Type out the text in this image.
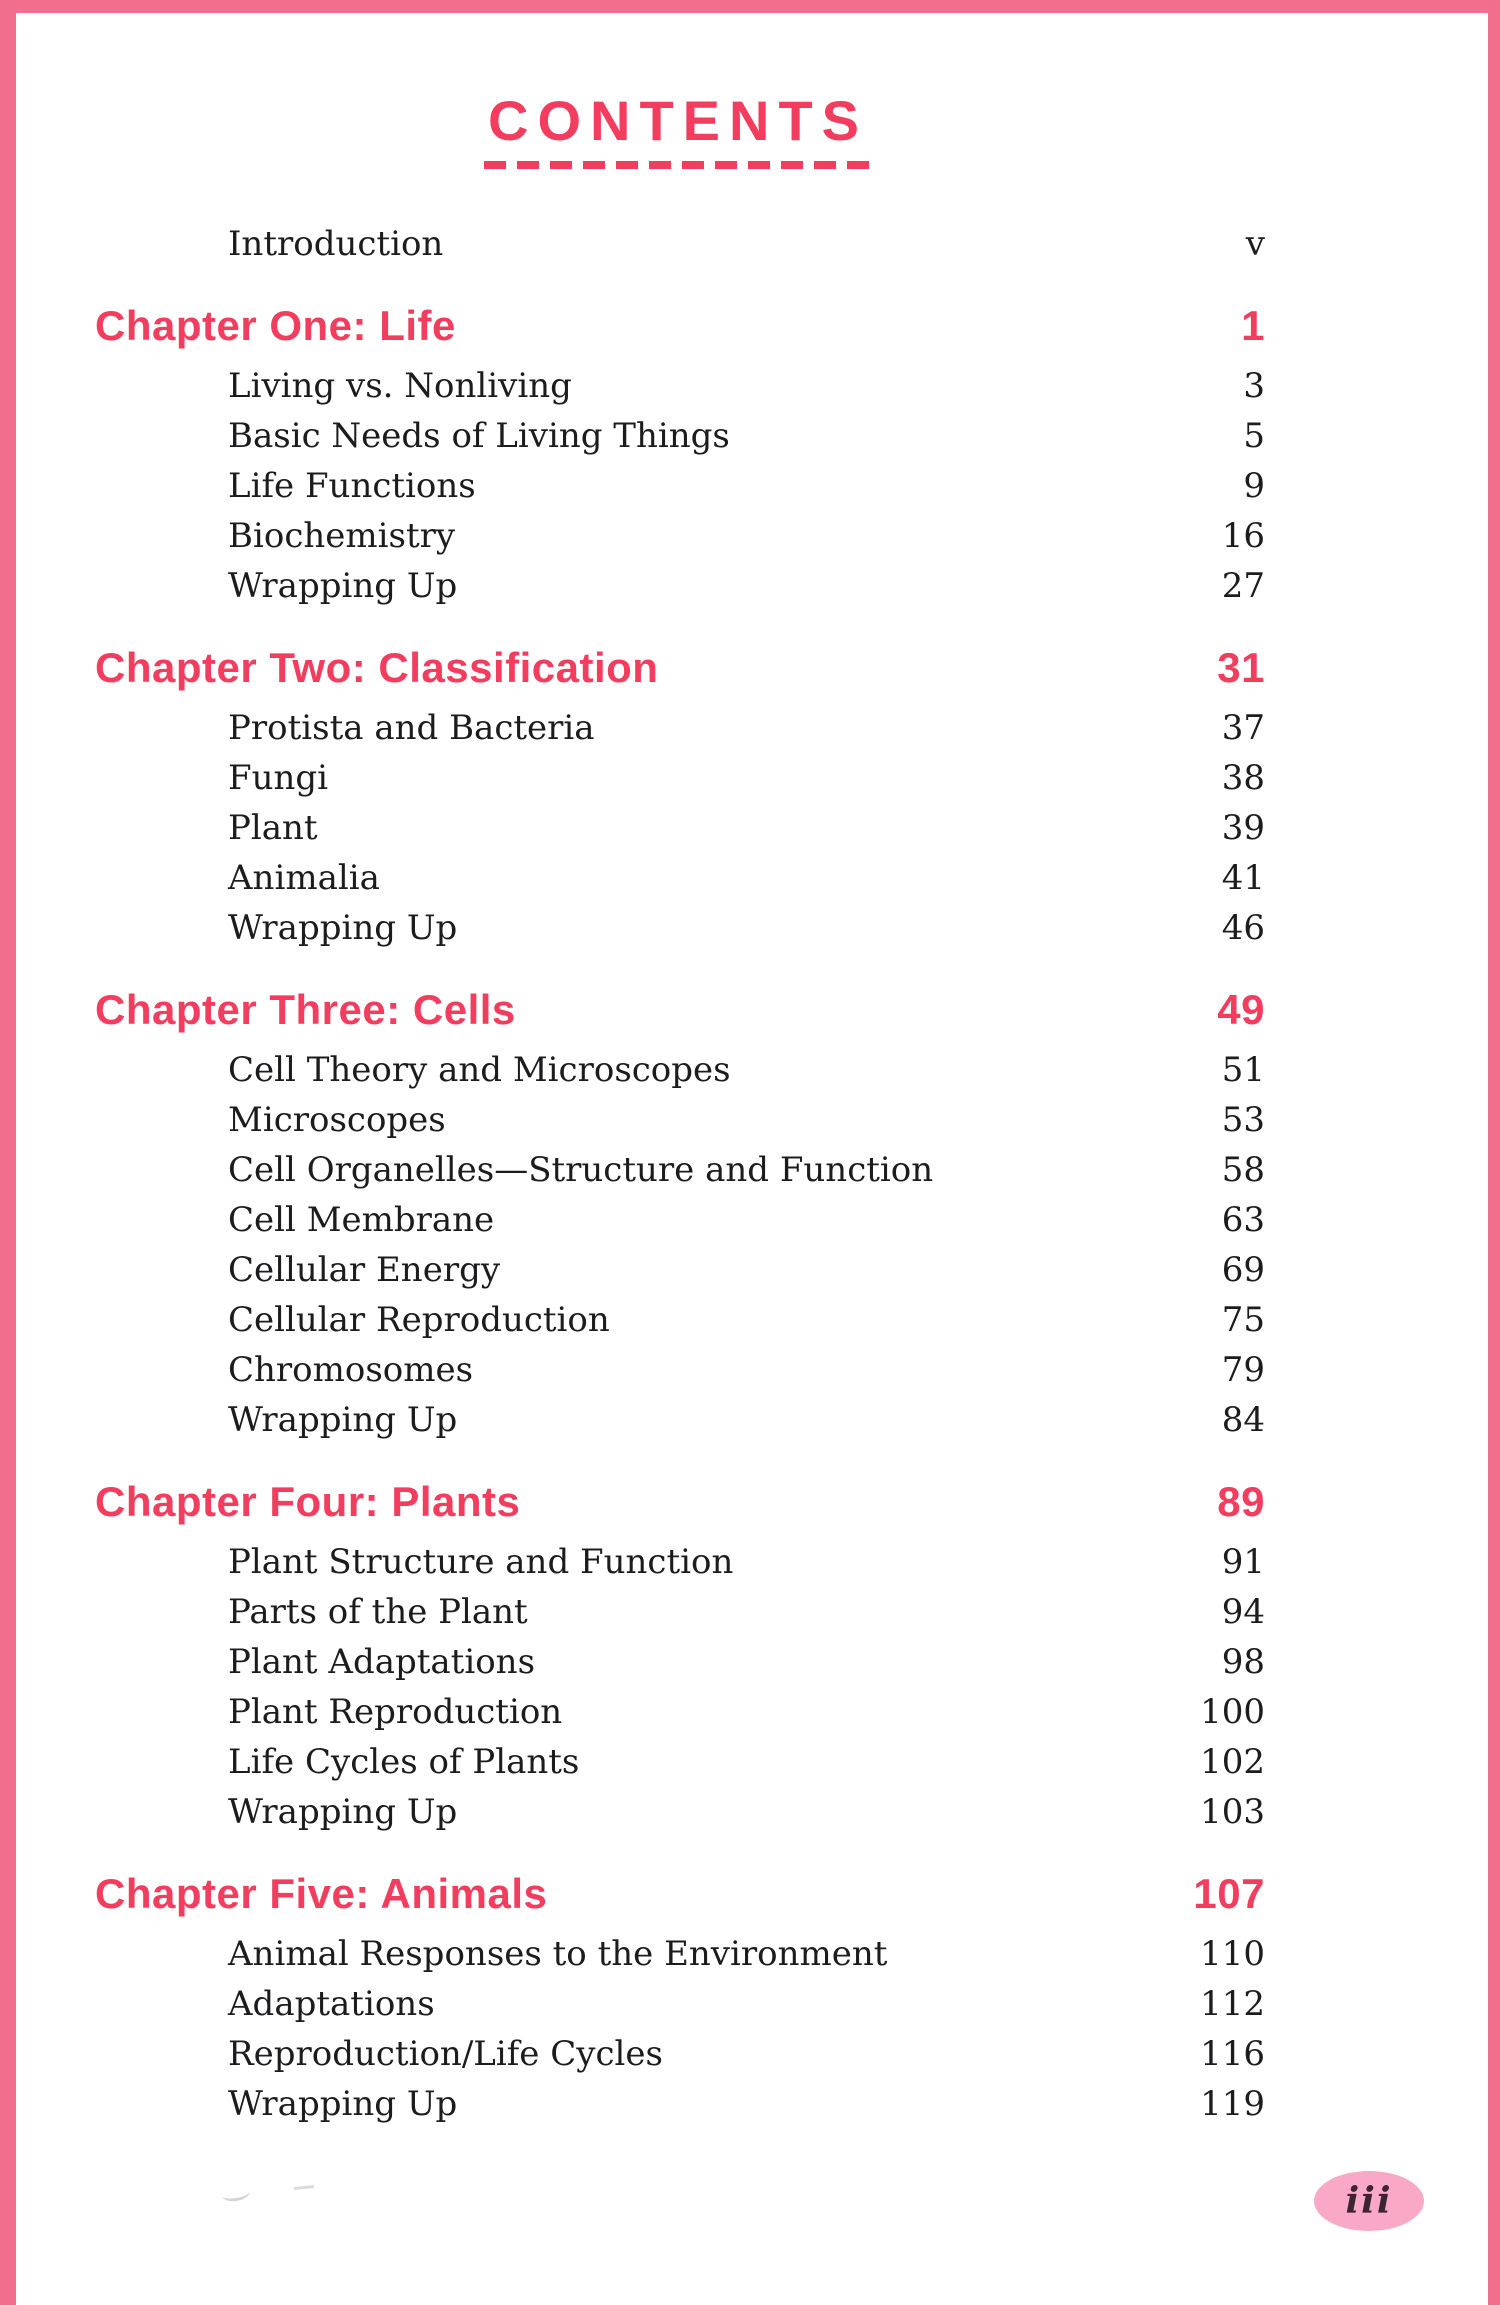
CONTENTS
Introduction	v
Chapter One: Life	1
Living vs. Nonliving	3
Basic Needs of Living Things	5
Life Functions	9
Biochemistry	16
Wrapping Up	27
Chapter Two: Classification	31
Protista and Bacteria	37
Fungi	38
Plant	39
Animalia	41
Wrapping Up	46
Chapter Three: Cells	49
Cell Theory and Microscopes	51
Microscopes	53
Cell Organelles—Structure and Function	58
Cell Membrane	63
Cellular Energy	69
Cellular Reproduction	75
Chromosomes	79
Wrapping Up	84
Chapter Four: Plants	89
Plant Structure and Function	91
Parts of the Plant	94
Plant Adaptations	98
Plant Reproduction	100
Life Cycles of Plants	102
Wrapping Up	103
Chapter Five: Animals	107
Animal Responses to the Environment	110
Adaptations	112
Reproduction/Life Cycles	116
Wrapping Up	119
iii
